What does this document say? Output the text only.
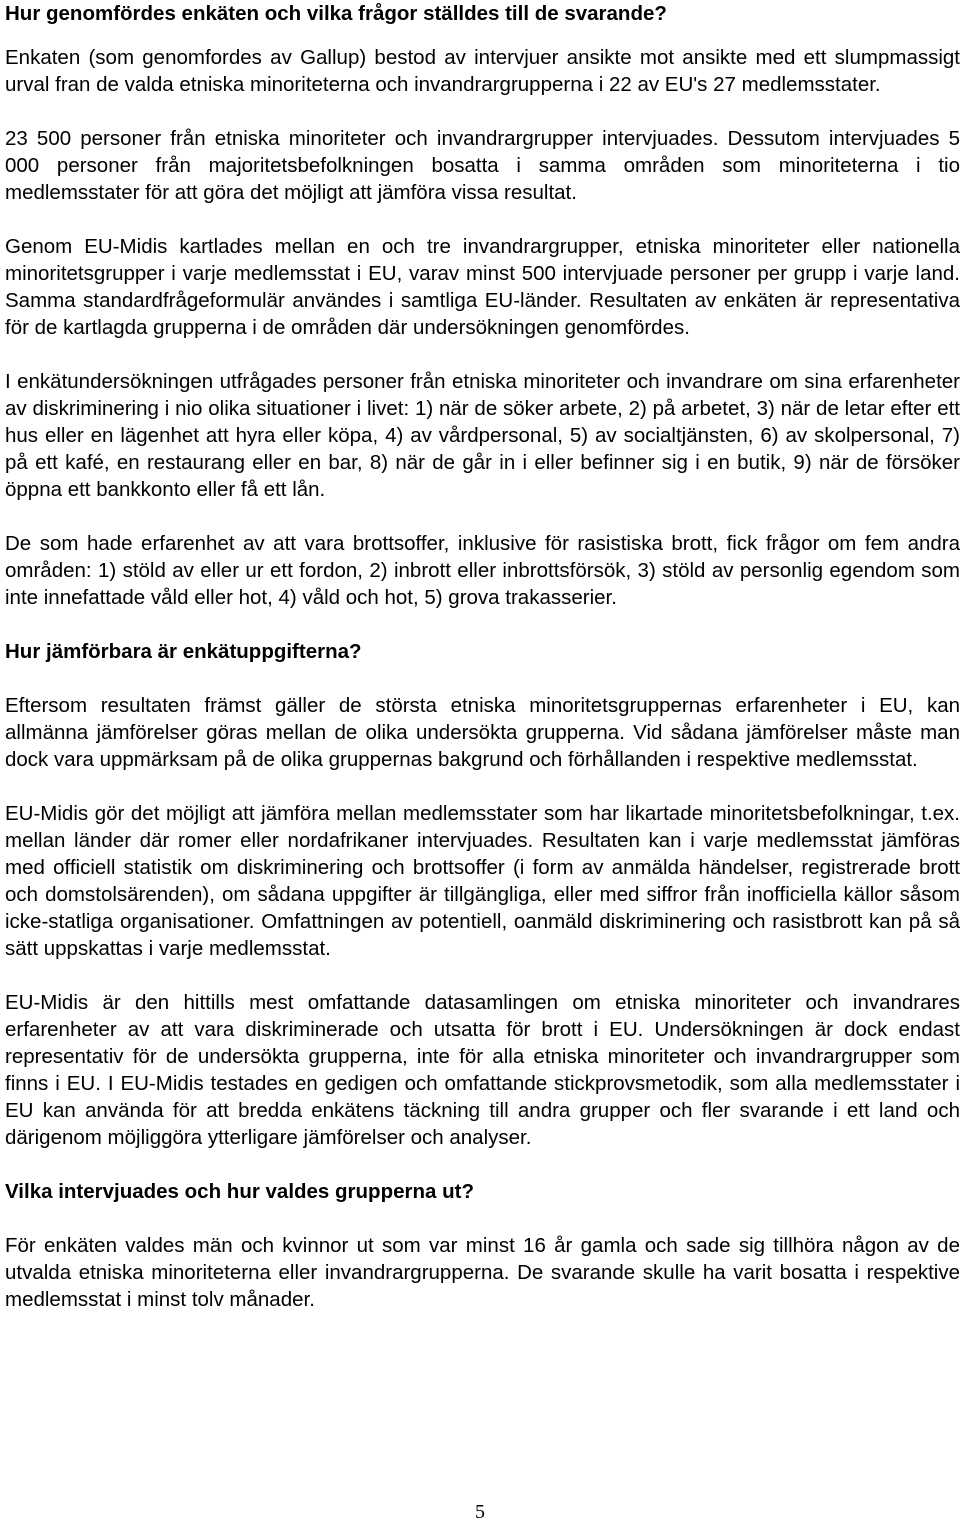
Hur genomfördes enkäten och vilka frågor ställdes till de svarande?

Enkaten (som genomfordes av Gallup) bestod av intervjuer ansikte mot ansikte med ett slumpmassigt urval fran de valda etniska minoriteterna och invandrargrupperna i 22 av EU's 27 medlemsstater.

23 500 personer från etniska minoriteter och invandrargrupper intervjuades. Dessutom intervjuades 5 000 personer från majoritetsbefolkningen bosatta i samma områden som minoriteterna i tio medlemsstater för att göra det möjligt att jämföra vissa resultat.

Genom EU-Midis kartlades mellan en och tre invandrargrupper, etniska minoriteter eller nationella minoritetsgrupper i varje medlemsstat i EU, varav minst 500 intervjuade personer per grupp i varje land. Samma standardfrågeformulär användes i samtliga EU-länder. Resultaten av enkäten är representativa för de kartlagda grupperna i de områden där undersökningen genomfördes.

I enkätundersökningen utfrågades personer från etniska minoriteter och invandrare om sina erfarenheter av diskriminering i nio olika situationer i livet: 1) när de söker arbete, 2) på arbetet, 3) när de letar efter ett hus eller en lägenhet att hyra eller köpa, 4) av vårdpersonal, 5) av socialtjänsten, 6) av skolpersonal, 7) på ett kafé, en restaurang eller en bar, 8) när de går in i eller befinner sig i en butik, 9) när de försöker öppna ett bankkonto eller få ett lån.

De som hade erfarenhet av att vara brottsoffer, inklusive för rasistiska brott, fick frågor om fem andra områden: 1) stöld av eller ur ett fordon, 2) inbrott eller inbrottsförsök, 3) stöld av personlig egendom som inte innefattade våld eller hot, 4) våld och hot, 5) grova trakasserier.

Hur jämförbara är enkätuppgifterna?

Eftersom resultaten främst gäller de största etniska minoritetsgruppernas erfarenheter i EU, kan allmänna jämförelser göras mellan de olika undersökta grupperna. Vid sådana jämförelser måste man dock vara uppmärksam på de olika gruppernas bakgrund och förhållanden i respektive medlemsstat.

EU-Midis gör det möjligt att jämföra mellan medlemsstater som har likartade minoritetsbefolkningar, t.ex. mellan länder där romer eller nordafrikaner intervjuades. Resultaten kan i varje medlemsstat jämföras med officiell statistik om diskriminering och brottsoffer (i form av anmälda händelser, registrerade brott och domstolsärenden), om sådana uppgifter är tillgängliga, eller med siffror från inofficiella källor såsom icke-statliga organisationer. Omfattningen av potentiell, oanmäld diskriminering och rasistbrott kan på så sätt uppskattas i varje medlemsstat.

EU-Midis är den hittills mest omfattande datasamlingen om etniska minoriteter och invandrares erfarenheter av att vara diskriminerade och utsatta för brott i EU. Undersökningen är dock endast representativ för de undersökta grupperna, inte för alla etniska minoriteter och invandrargrupper som finns i EU. I EU-Midis testades en gedigen och omfattande stickprovsmetodik, som alla medlemsstater i EU kan använda för att bredda enkätens täckning till andra grupper och fler svarande i ett land och därigenom möjliggöra ytterligare jämförelser och analyser.

Vilka intervjuades och hur valdes grupperna ut?

För enkäten valdes män och kvinnor ut som var minst 16 år gamla och sade sig tillhöra någon av de utvalda etniska minoriteterna eller invandrargrupperna. De svarande skulle ha varit bosatta i respektive medlemsstat i minst tolv månader.

5
